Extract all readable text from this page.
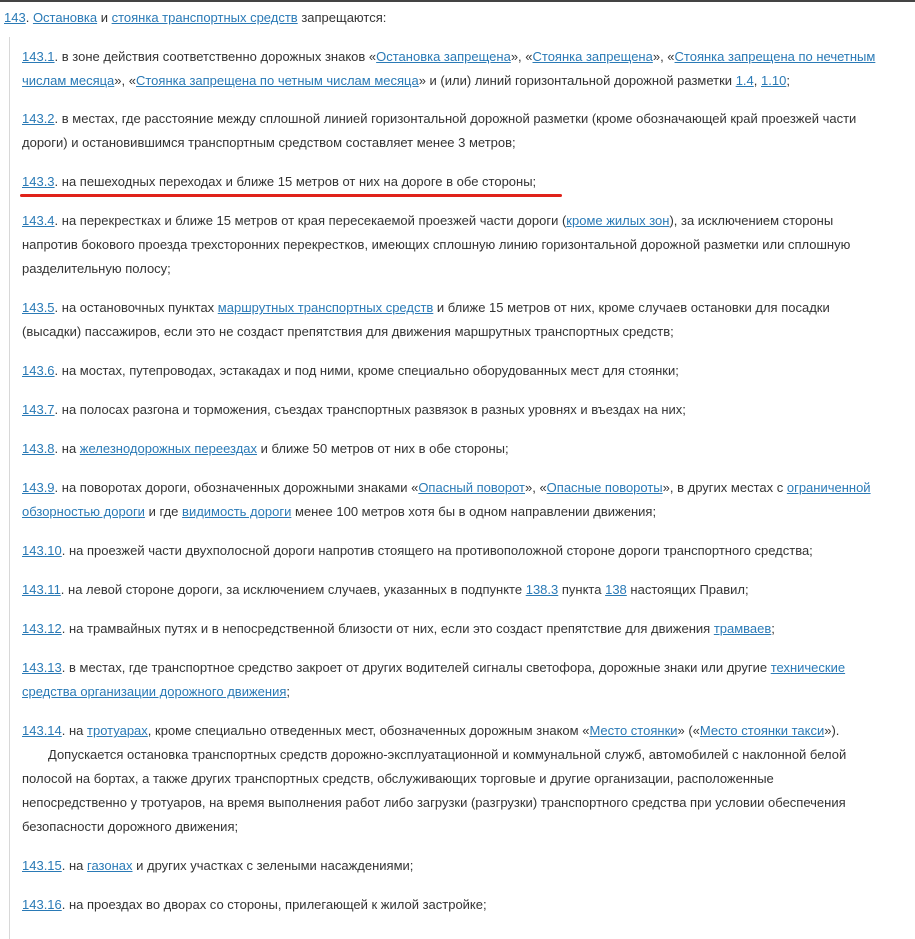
143. Остановка и стоянка транспортных средств запрещаются:
143.1. в зоне действия соответственно дорожных знаков «Остановка запрещена», «Стоянка запрещена», «Стоянка запрещена по нечетным числам месяца», «Стоянка запрещена по четным числам месяца» и (или) линий горизонтальной дорожной разметки 1.4, 1.10;
143.2. в местах, где расстояние между сплошной линией горизонтальной дорожной разметки (кроме обозначающей край проезжей части дороги) и остановившимся транспортным средством составляет менее 3 метров;
143.3. на пешеходных переходах и ближе 15 метров от них на дороге в обе стороны;
143.4. на перекрестках и ближе 15 метров от края пересекаемой проезжей части дороги (кроме жилых зон), за исключением стороны напротив бокового проезда трехсторонних перекрестков, имеющих сплошную линию горизонтальной дорожной разметки или сплошную разделительную полосу;
143.5. на остановочных пунктах маршрутных транспортных средств и ближе 15 метров от них, кроме случаев остановки для посадки (высадки) пассажиров, если это не создаст препятствия для движения маршрутных транспортных средств;
143.6. на мостах, путепроводах, эстакадах и под ними, кроме специально оборудованных мест для стоянки;
143.7. на полосах разгона и торможения, съездах транспортных развязок в разных уровнях и въездах на них;
143.8. на железнодорожных переездах и ближе 50 метров от них в обе стороны;
143.9. на поворотах дороги, обозначенных дорожными знаками «Опасный поворот», «Опасные повороты», в других местах с ограниченной обзорностью дороги и где видимость дороги менее 100 метров хотя бы в одном направлении движения;
143.10. на проезжей части двухполосной дороги напротив стоящего на противоположной стороне дороги транспортного средства;
143.11. на левой стороне дороги, за исключением случаев, указанных в подпункте 138.3 пункта 138 настоящих Правил;
143.12. на трамвайных путях и в непосредственной близости от них, если это создаст препятствие для движения трамваев;
143.13. в местах, где транспортное средство закроет от других водителей сигналы светофора, дорожные знаки или другие технические средства организации дорожного движения;
143.14. на тротуарах, кроме специально отведенных мест, обозначенных дорожным знаком «Место стоянки» («Место стоянки такси»).
Допускается остановка транспортных средств дорожно-эксплуатационной и коммунальной служб, автомобилей с наклонной белой полосой на бортах, а также других транспортных средств, обслуживающих торговые и другие организации, расположенные непосредственно у тротуаров, на время выполнения работ либо загрузки (разгрузки) транспортного средства при условии обеспечения безопасности дорожного движения;
143.15. на газонах и других участках с зелеными насаждениями;
143.16. на проездах во дворах со стороны, прилегающей к жилой застройке;
